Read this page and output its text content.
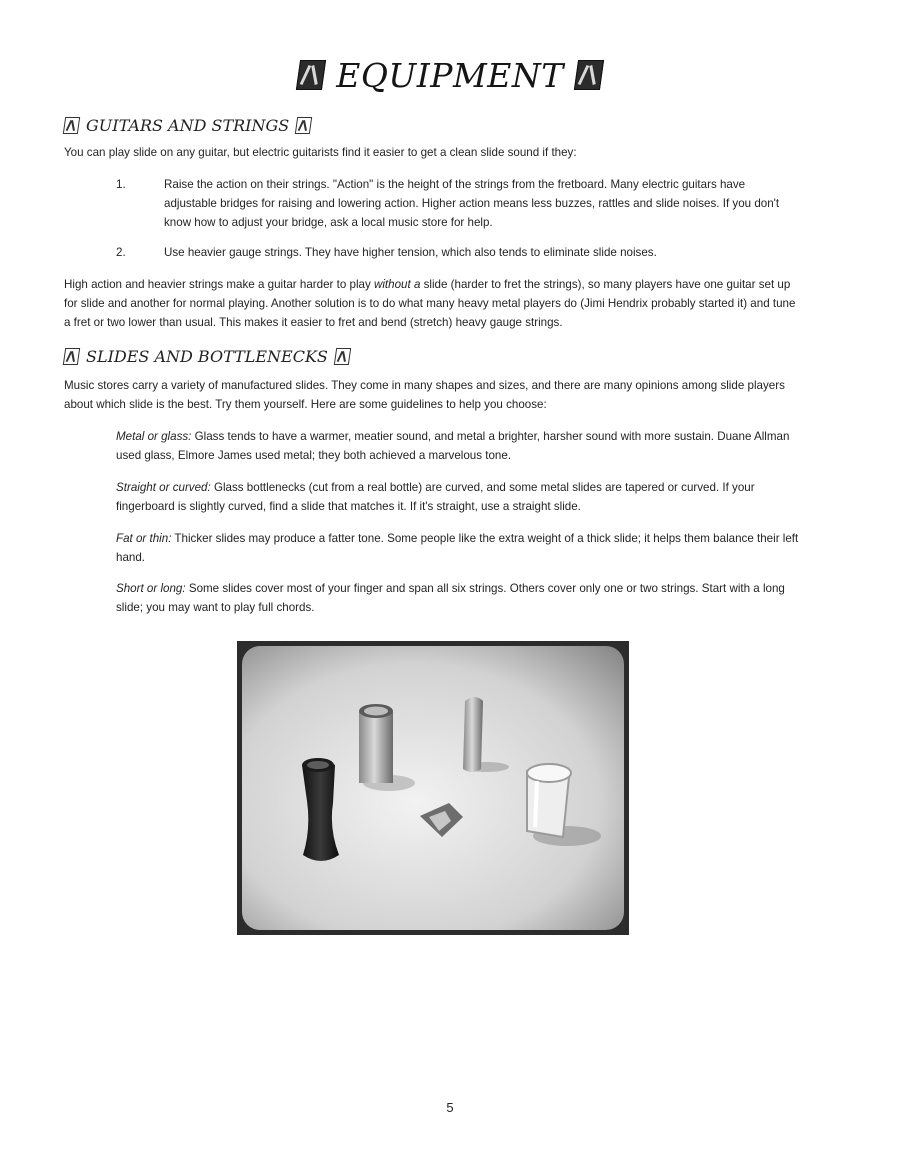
EQUIPMENT
GUITARS AND STRINGS

You can play slide on any guitar, but electric guitarists find it easier to get a clean slide sound if they:

1.	Raise the action on their strings. "Action" is the height of the strings from the fretboard. Many electric guitars have adjustable bridges for raising and lowering action. Higher action means less buzzes, rattles and slide noises. If you don't know how to adjust your bridge, ask a local music store for help.

2.	Use heavier gauge strings. They have higher tension, which also tends to eliminate slide noises.

High action and heavier strings make a guitar harder to play without a slide (harder to fret the strings), so many players have one guitar set up for slide and another for normal playing. Another solution is to do what many heavy metal players do (Jimi Hendrix probably started it) and tune a fret or two lower than usual. This makes it easier to fret and bend (stretch) heavy gauge strings.

SLIDES AND BOTTLENECKS

Music stores carry a variety of manufactured slides. They come in many shapes and sizes, and there are many opinions among slide players about which slide is the best. Try them yourself. Here are some guidelines to help you choose:

Metal or glass: Glass tends to have a warmer, meatier sound, and metal a brighter, harsher sound with more sustain. Duane Allman used glass, Elmore James used metal; they both achieved a marvelous tone.

Straight or curved: Glass bottlenecks (cut from a real bottle) are curved, and some metal slides are tapered or curved. If your fingerboard is slightly curved, find a slide that matches it. If it's straight, use a straight slide.

Fat or thin: Thicker slides may produce a fatter tone. Some people like the extra weight of a thick slide; it helps them balance their left hand.

Short or long: Some slides cover most of your finger and span all six strings. Others cover only one or two strings. Start with a long slide; you may want to play full chords.

5
